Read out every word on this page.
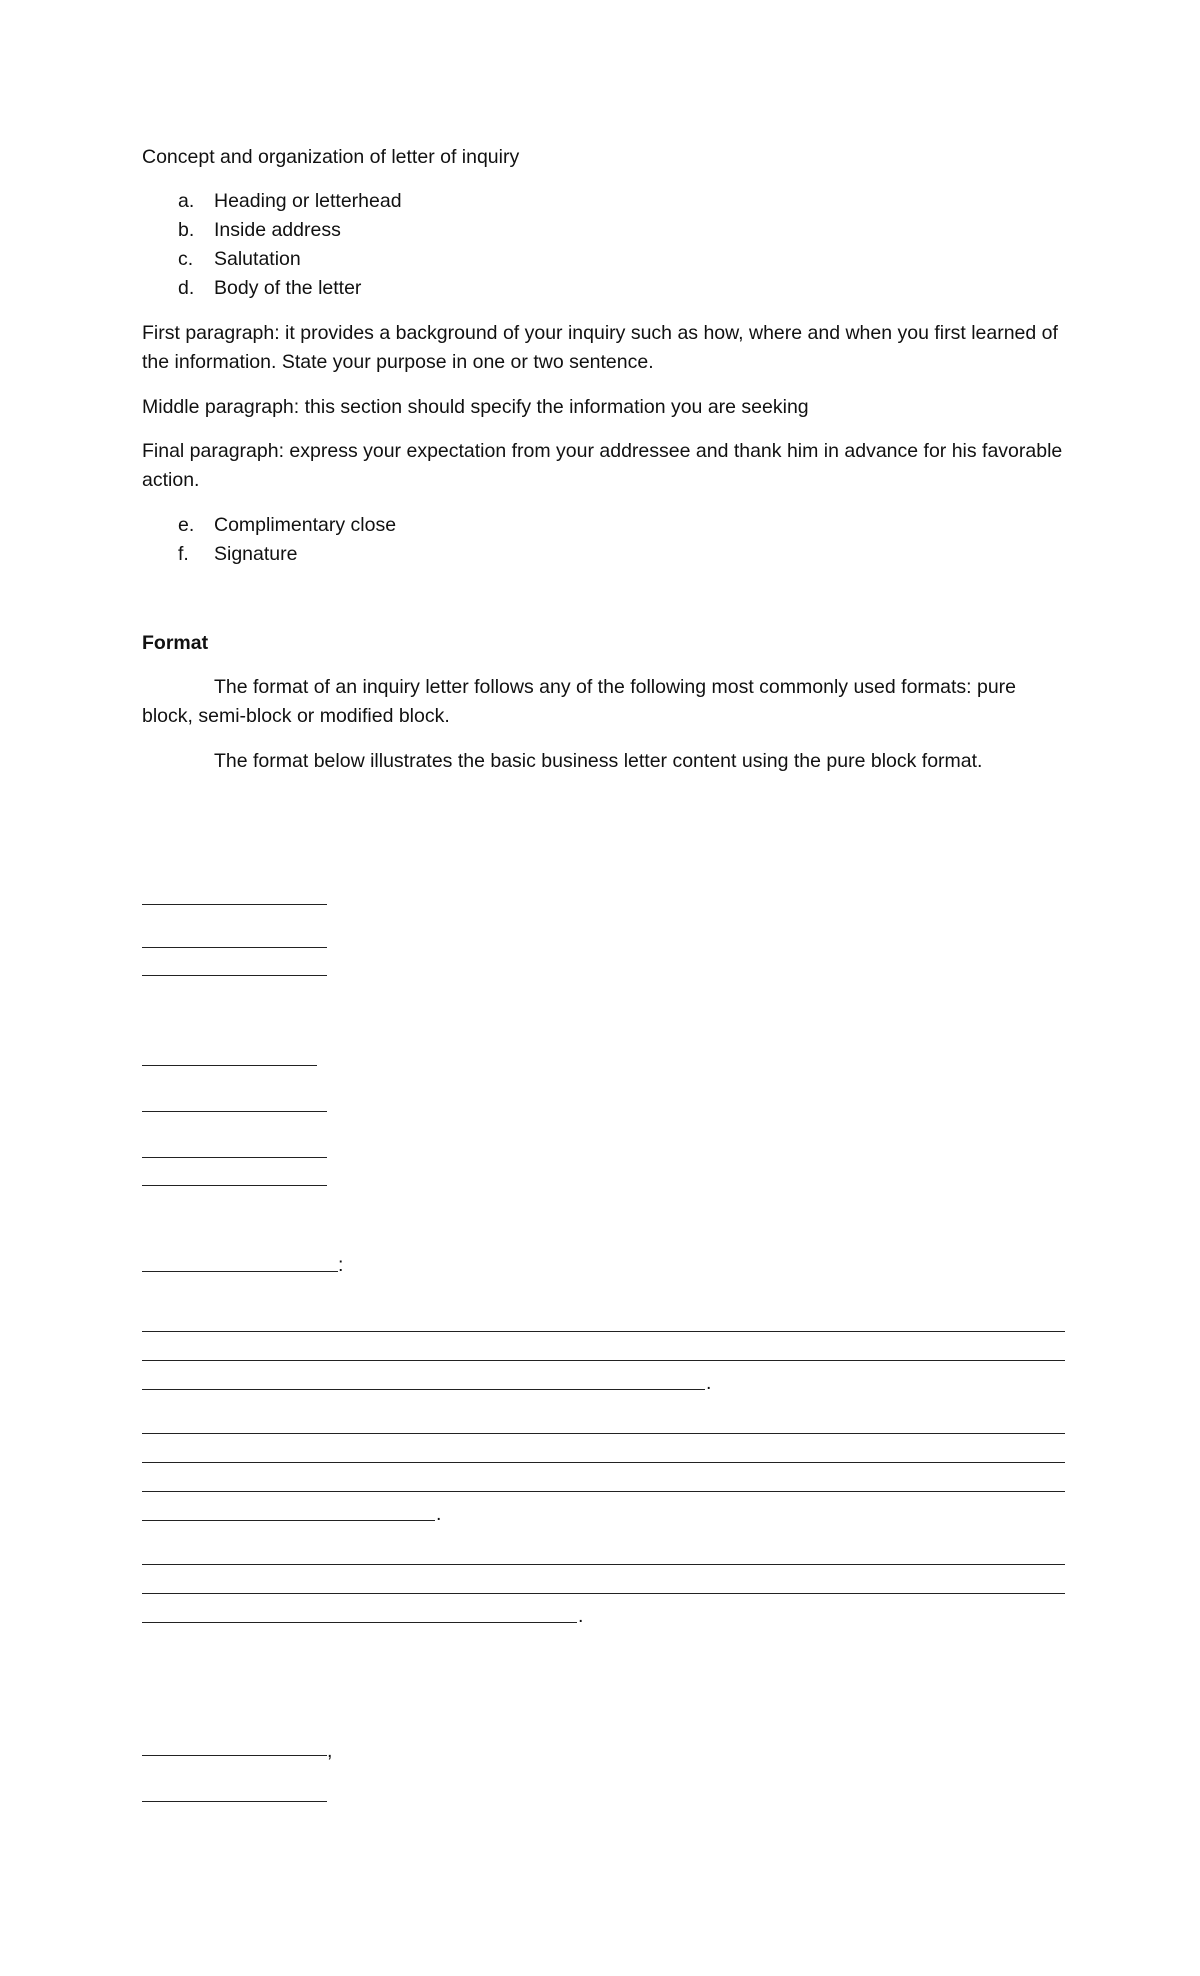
Concept and organization of letter of inquiry
a. Heading or letterhead
b. Inside address
c. Salutation
d. Body of the letter
First paragraph: it provides a background of your inquiry such as how, where and when you first learned of the information. State your purpose in one or two sentence.
Middle paragraph: this section should specify the information you are seeking
Final paragraph: express your expectation from your addressee and thank him in advance for his favorable action.
e. Complimentary close
f. Signature
Format
The format of an inquiry letter follows any of the following most commonly used formats: pure block, semi-block or modified block.
The format below illustrates the basic business letter content using the pure block format.
:
.
.
.
,
